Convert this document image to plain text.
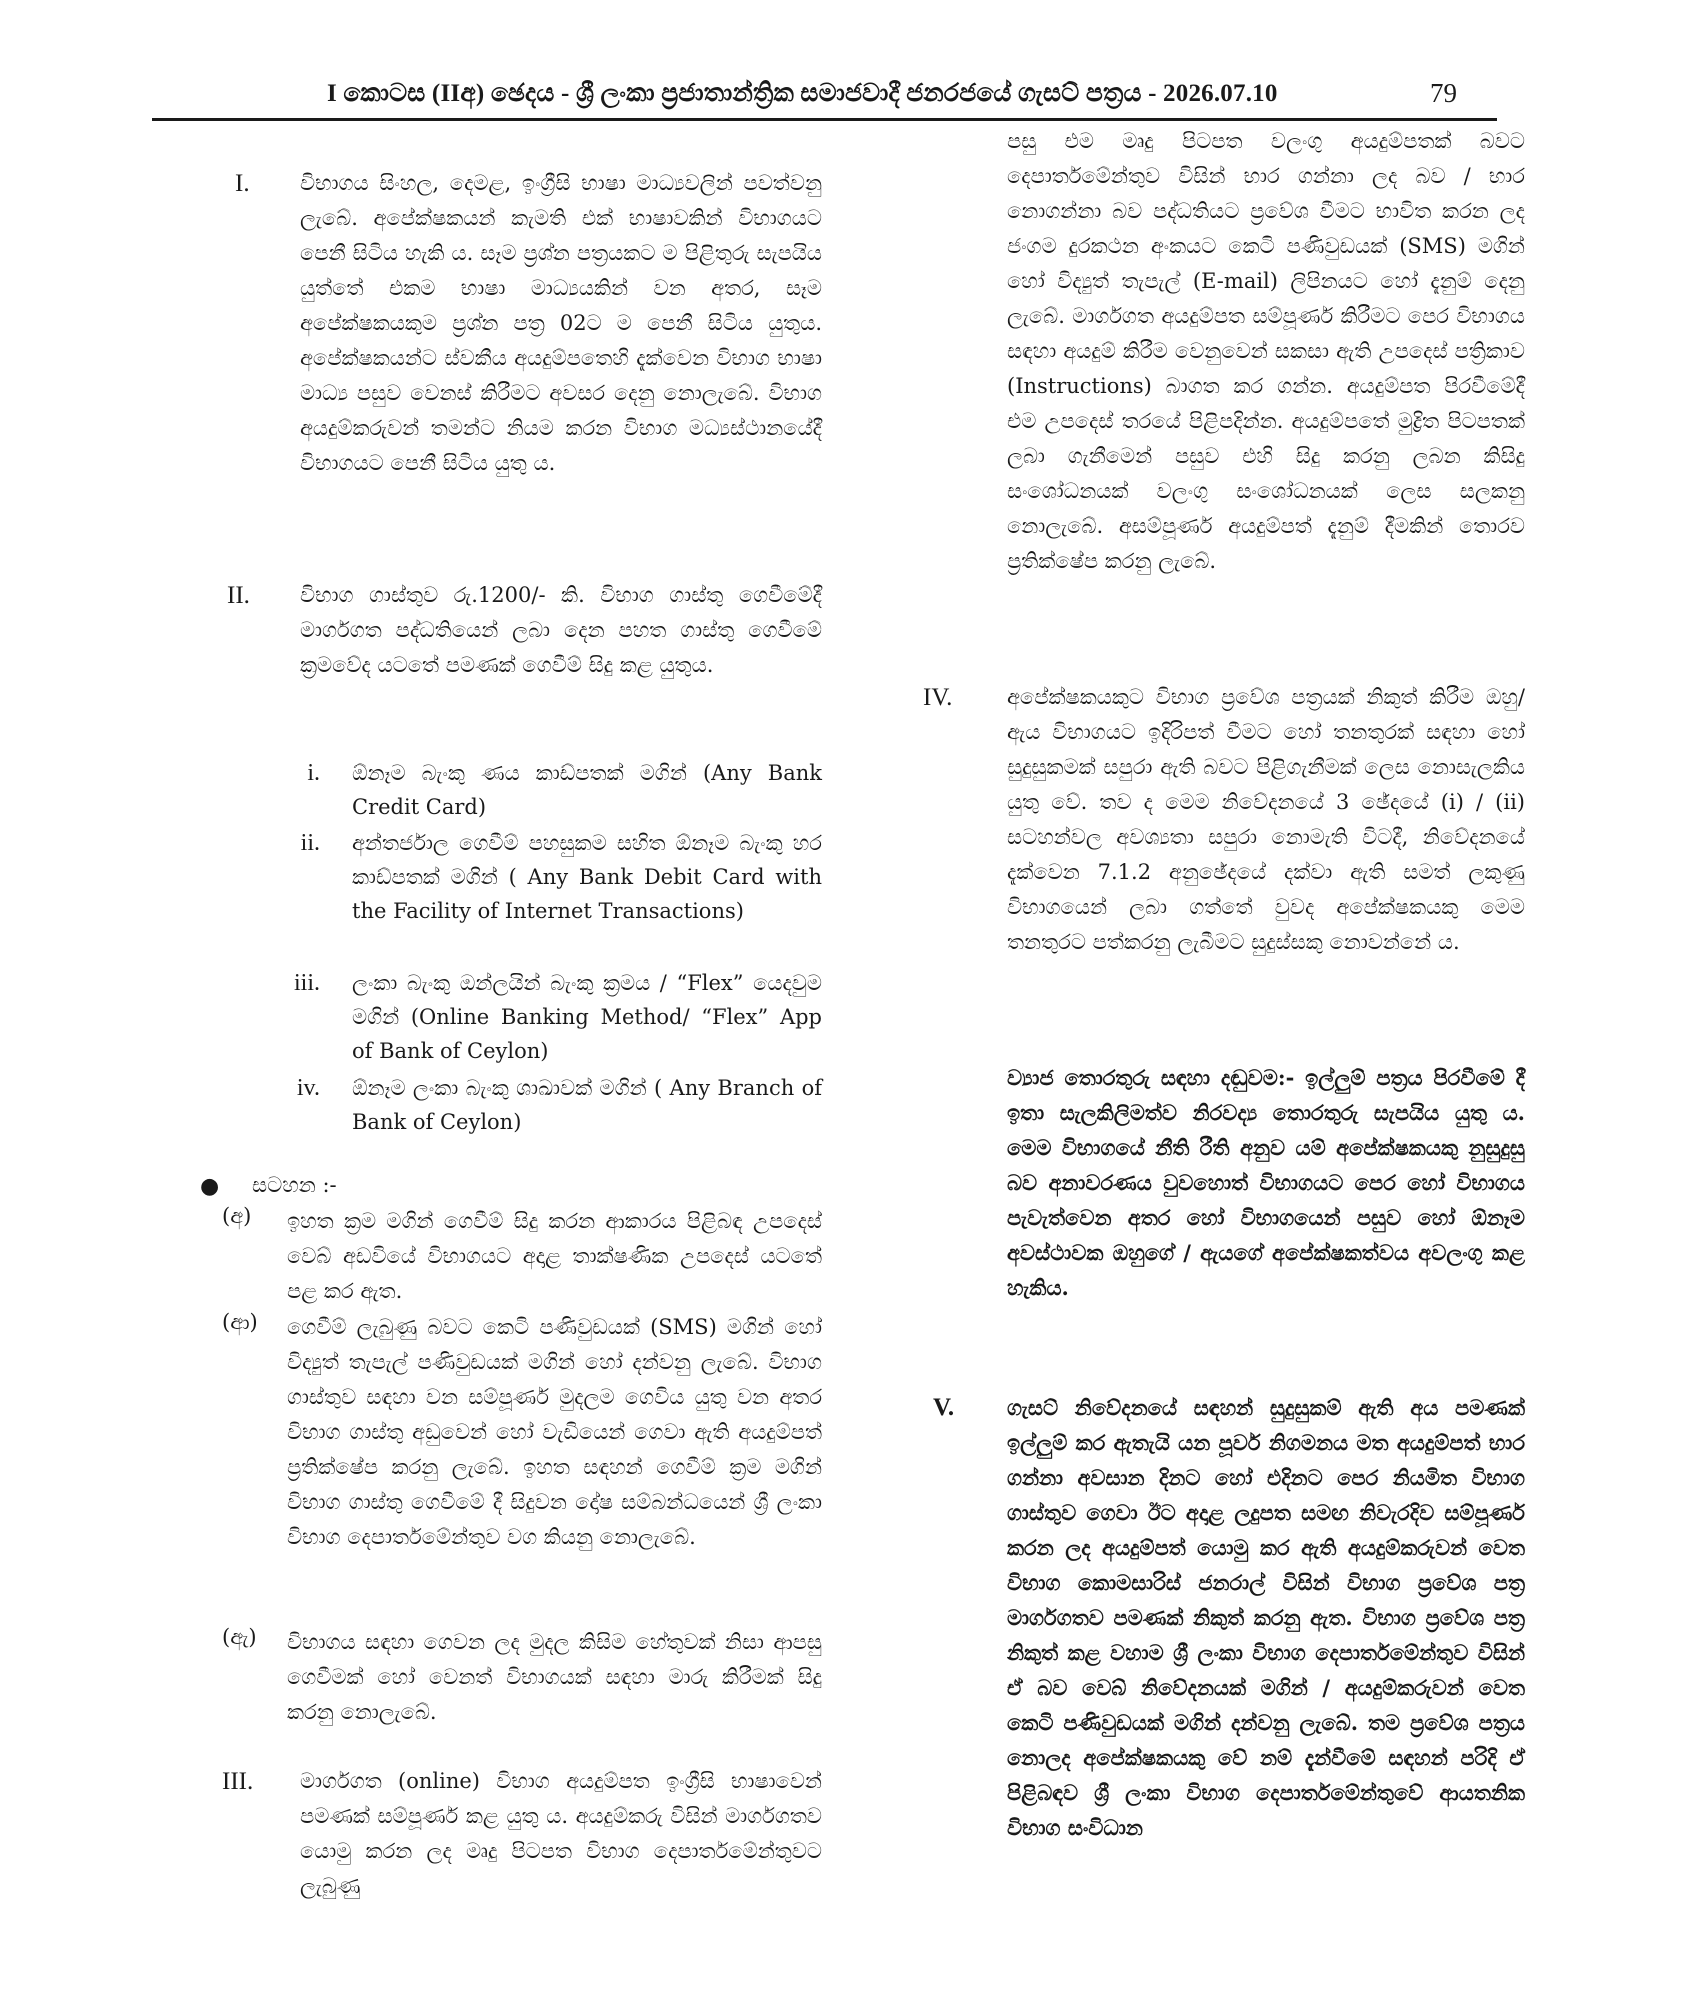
I කොටස (IIඅ) ඡෙදය - ශ්‍රී ලංකා ප්‍රජාතාන්ත්‍රික සමාජවාදී ජනරජයේ ගැසට් පත්‍රය - 2026.07.10	79
I. විභාගය සිංහල, දෙමළ, ඉංග්‍රීසි භාෂා මාධ්‍යවලින් පවත්වනු ලැබේ. අපේක්ෂකයන් කැමති එක් භාෂාවකින් විභාගයට පෙනී සිටිය හැකි ය. සෑම ප්‍රශ්න පත්‍රයකට ම පිළිතුරු සැපයිය යුත්තේ එකම භාෂා මාධ්‍යයකින් වන අතර, සෑම අපේක්ෂකයකුම ප්‍රශ්න පත්‍ර 02ට ම පෙනී සිටිය යුතුය. අපේක්ෂකයන්ට ස්වකීය අයදුම්පතෙහි දැක්වෙන විභාග භාෂා මාධ්‍ය පසුව වෙනස් කිරීමට අවසර දෙනු නොලැබේ. විභාග අයදුම්කරුවන් තමන්ට නියම කරන විභාග මධ්‍යස්ථානයේදී විභාගයට පෙනී සිටිය යුතු ය.
II. විභාග ගාස්තුව රු.1200/- කි. විභාග ගාස්තු ගෙවීමේදී මාර්ගගත පද්ධතියෙන් ලබා දෙන පහත ගාස්තු ගෙවීමේ ක්‍රමවේද යටතේ පමණක් ගෙවීම් සිදු කළ යුතුය.
i. ඕනෑම බැංකු ණය කාඩ්පතක් මගින් (Any Bank Credit Card)
ii. අන්තර්ජාල ගෙවීම් පහසුකම සහිත ඕනෑම බැංකු හර කාඩ්පතක් මගින් ( Any Bank Debit Card with the Facility of Internet Transactions)
iii. ලංකා බැංකු ඔන්ලයින් බැංකු ක්‍රමය / “Flex” යෙදවුම මගින් (Online Banking Method/ “Flex” App of Bank of Ceylon)
iv. ඕනෑම ලංකා බැංකු ශාඛාවක් මගින් ( Any Branch of Bank of Ceylon)
● සටහන :-
(අ) ඉහත ක්‍රම මගින් ගෙවීම් සිදු කරන ආකාරය පිළිබඳ උපදෙස් වෙබ් අඩවියේ විභාගයට අදාළ තාක්ෂණික උපදෙස් යටතේ පළ කර ඇත.
(ආ) ගෙවීම් ලැබුණු බවට කෙටි පණිවුඩයක් (SMS) මගින් හෝ විද්‍යුත් තැපැල් පණිවුඩයක් මගින් හෝ දන්වනු ලැබේ. විභාග ගාස්තුව සඳහා වන සම්පූර්ණ මුදලම ගෙවිය යුතු වන අතර විභාග ගාස්තු අඩුවෙන් හෝ වැඩියෙන් ගෙවා ඇති අයදුම්පත් ප්‍රතික්ෂේප කරනු ලැබේ. ඉහත සඳහන් ගෙවීම් ක්‍රම මගින් විභාග ගාස්තු ගෙවීමේ දී සිදුවන දෝෂ සම්බන්ධයෙන් ශ්‍රී ලංකා විභාග දෙපාර්තමේන්තුව වග කියනු නොලැබේ.
(ඇ) විභාගය සඳහා ගෙවන ලද මුදල කිසිම හේතුවක් නිසා ආපසු ගෙවීමක් හෝ වෙනත් විභාගයක් සඳහා මාරු කිරීමක් සිදු කරනු නොලැබේ.
III. මාර්ගගත (online) විභාග අයදුම්පත ඉංග්‍රීසි භාෂාවෙන් පමණක් සම්පූර්ණ කළ යුතු ය. අයදුම්කරු විසින් මාර්ගගතව යොමු කරන ලද මෘදු පිටපත විභාග දෙපාර්තමේන්තුවට ලැබුණු
පසු එම මෘදු පිටපත වලංගු අයදුම්පතක් බවට දෙපාර්තමේන්තුව විසින් භාර ගන්නා ලද බව / භාර නොගන්නා බව පද්ධතියට ප්‍රවේශ වීමට භාවිත කරන ලද ජංගම දුරකථන අංකයට කෙටි පණිවුඩයක් (SMS) මගින් හෝ විද්‍යුත් තැපැල් (E-mail) ලිපිනයට හෝ දැනුම් දෙනු ලැබේ. මාර්ගගත අයදුම්පත සම්පූර්ණ කිරීමට පෙර විභාගය සඳහා අයදුම් කිරීම වෙනුවෙන් සකසා ඇති උපදෙස් පත්‍රිකාව (Instructions) බාගත කර ගන්න. අයදුම්පත පිරවීමේදී එම උපදෙස් තරයේ පිළිපදින්න. අයදුම්පතේ මුද්‍රිත පිටපතක් ලබා ගැනීමෙන් පසුව එහි සිදු කරනු ලබන කිසිදු සංශෝධනයක් වලංගු සංශෝධනයක් ලෙස සලකනු නොලැබේ. අසම්පූර්ණ අයදුම්පත් දැනුම් දීමකින් තොරව ප්‍රතික්ෂේප කරනු ලැබේ.
IV.	අපේක්ෂකයකුට විභාග ප්‍රවේශ පත්‍රයක් නිකුත් කිරීම ඔහු/ ඇය විභාගයට ඉදිරිපත් වීමට හෝ තනතුරක් සඳහා හෝ සුදුසුකමක් සපුරා ඇති බවට පිළිගැනීමක් ලෙස නොසැලකිය යුතු වේ. තව ද මෙම නිවේදනයේ 3 ඡේදයේ (i) / (ii) සටහන්වල අවශ්‍යතා සපුරා නොමැති විටදී, නිවේදනයේ දැක්වෙන 7.1.2 අනුඡේදයේ දක්වා ඇති සමත් ලකුණු විභාගයෙන් ලබා ගත්තේ වුවද අපේක්ෂකයකු මෙම තනතුරට පත්කරනු ලැබීමට සුදුස්සකු නොවන්නේ ය.
ව්‍යාජ තොරතුරු සඳහා දඬුවම:- ඉල්ලුම් පත්‍රය පිරවීමේ දී ඉතා සැලකිලිමත්ව නිරවද්‍ය තොරතුරු සැපයිය යුතු ය. මෙම විභාගයේ නීති රීති අනුව යම් අපේක්ෂකයකු නුසුදුසු බව අනාවරණය වුවහොත් විභාගයට පෙර හෝ විභාගය පැවැත්වෙන අතර හෝ විභාගයෙන් පසුව හෝ ඕනෑම අවස්ථාවක ඔහුගේ / ඇයගේ අපේක්ෂකත්වය අවලංගු කළ හැකිය.
V.	ගැසට් නිවේදනයේ සඳහන් සුදුසුකම් ඇති අය පමණක් ඉල්ලුම් කර ඇතැයි යන පූර්ව නිගමනය මත අයදුම්පත් භාර ගන්නා අවසාන දිනට හෝ එදිනට පෙර නියමිත විභාග ගාස්තුව ගෙවා ඊට අදාළ ලදුපත සමඟ නිවැරදිව සම්පූර්ණ කරන ලද අයදුම්පත් යොමු කර ඇති අයදුම්කරුවන් වෙත විභාග කොමසාරිස් ජනරාල් විසින් විභාග ප්‍රවේශ පත්‍ර මාර්ගගතව පමණක් නිකුත් කරනු ඇත. විභාග ප්‍රවේශ පත්‍ර නිකුත් කළ වහාම ශ්‍රී ලංකා විභාග දෙපාර්තමේන්තුව විසින් ඒ බව වෙබ් නිවේදනයක් මගින් / අයදුම්කරුවන් වෙත කෙටි පණිවුඩයක් මගින් දන්වනු ලැබේ. තම ප්‍රවේශ පත්‍රය නොලද අපේක්ෂකයකු වේ නම් දැන්වීමේ සඳහන් පරිදි ඒ පිළිබඳව ශ්‍රී ලංකා විභාග දෙපාර්තමේන්තුවේ ආයතනික විභාග සංවිධාන
